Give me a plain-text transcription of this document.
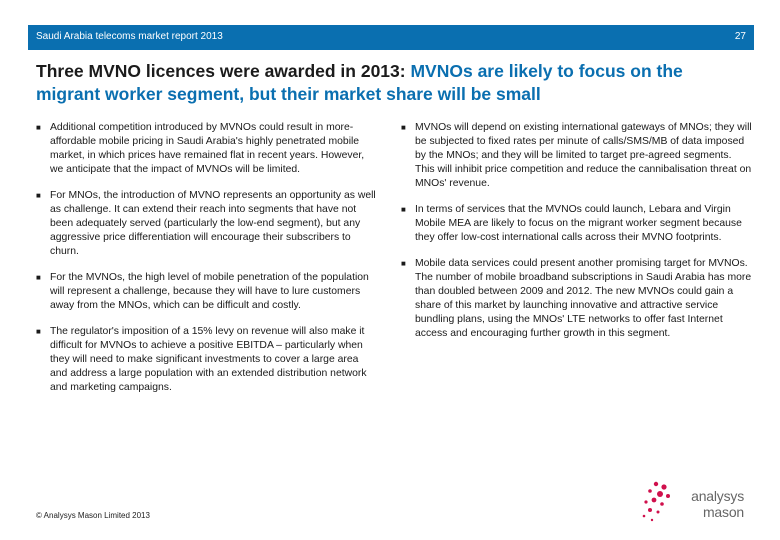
Saudi Arabia telecoms market report 2013	27
Three MVNO licences were awarded in 2013: MVNOs are likely to focus on the migrant worker segment, but their market share will be small
■ Additional competition introduced by MVNOs could result in more-affordable mobile pricing in Saudi Arabia's highly penetrated mobile market, in which prices have remained flat in recent years. However, we anticipate that the impact of MVNOs will be limited.
■ For MNOs, the introduction of MVNO represents an opportunity as well as challenge. It can extend their reach into segments that have not been adequately served (particularly the low-end segment), but any aggressive price differentiation will encourage their subscribers to churn.
■ For the MVNOs, the high level of mobile penetration of the population will represent a challenge, because they will have to lure customers away from the MNOs, which can be difficult and costly.
■ The regulator's imposition of a 15% levy on revenue will also make it difficult for MVNOs to achieve a positive EBITDA – particularly when they will need to make significant investments to cover a large area and address a large population with an extended distribution network and marketing campaigns.
■ MVNOs will depend on existing international gateways of MNOs; they will be subjected to fixed rates per minute of calls/SMS/MB of data imposed by the MNOs; and they will be limited to target pre-agreed segments. This will inhibit price competition and reduce the cannibalisation threat on MNOs' revenue.
■ In terms of services that the MVNOs could launch, Lebara and Virgin Mobile MEA are likely to focus on the migrant worker segment because they offer low-cost international calls across their MVNO footprints.
■ Mobile data services could present another promising target for MVNOs. The number of mobile broadband subscriptions in Saudi Arabia has more than doubled between 2009 and 2012. The new MVNOs could gain a share of this market by launching innovative and attractive service bundling plans, using the MNOs' LTE networks to offer fast Internet access and encouraging further growth in this segment.
© Analysys Mason Limited 2013
analysys
mason
